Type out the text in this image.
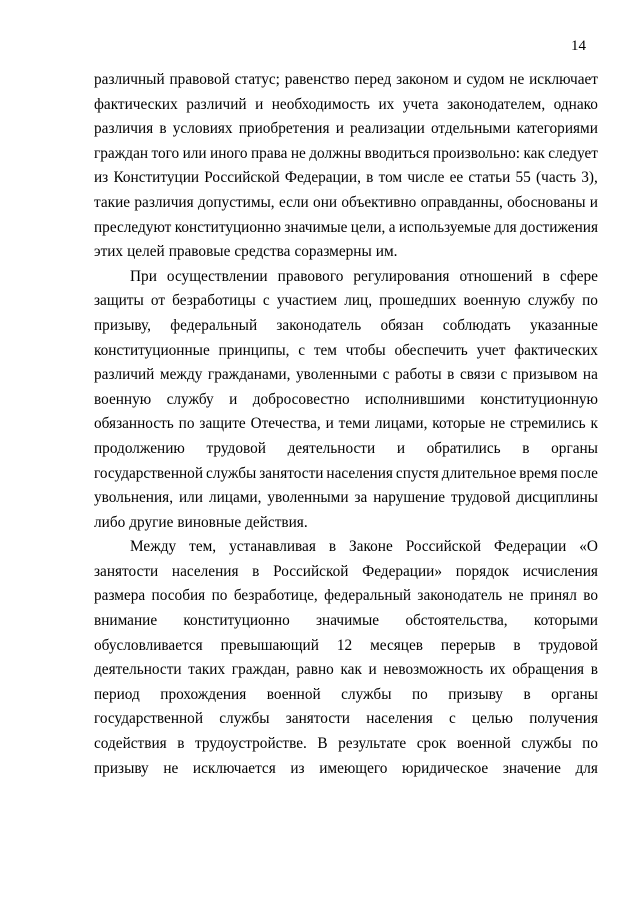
14
различный правовой статус; равенство перед законом и судом не исключает
фактических различий и необходимость их учета законодателем, однако
различия в условиях приобретения и реализации отдельными категориями
граждан того или иного права не должны вводиться произвольно: как следует
из Конституции Российской Федерации, в том числе ее статьи 55 (часть 3),
такие различия допустимы, если они объективно оправданны, обоснованы и
преследуют конституционно значимые цели, а используемые для достижения
этих целей правовые средства соразмерны им.
При осуществлении правового регулирования отношений в сфере
защиты от безработицы с участием лиц, прошедших военную службу по
призыву, федеральный законодатель обязан соблюдать указанные
конституционные принципы, с тем чтобы обеспечить учет фактических
различий между гражданами, уволенными с работы в связи с призывом на
военную службу и добросовестно исполнившими конституционную
обязанность по защите Отечества, и теми лицами, которые не стремились к
продолжению трудовой деятельности и обратились в органы
государственной службы занятости населения спустя длительное время после
увольнения, или лицами, уволенными за нарушение трудовой дисциплины
либо другие виновные действия.
Между тем, устанавливая в Законе Российской Федерации «О
занятости населения в Российской Федерации» порядок исчисления
размера пособия по безработице, федеральный законодатель не принял во
внимание конституционно значимые обстоятельства, которыми
обусловливается превышающий 12 месяцев перерыв в трудовой
деятельности таких граждан, равно как и невозможность их обращения в
период прохождения военной службы по призыву в органы
государственной службы занятости населения с целью получения
содействия в трудоустройстве. В результате срок военной службы по
призыву не исключается из имеющего юридическое значение для
